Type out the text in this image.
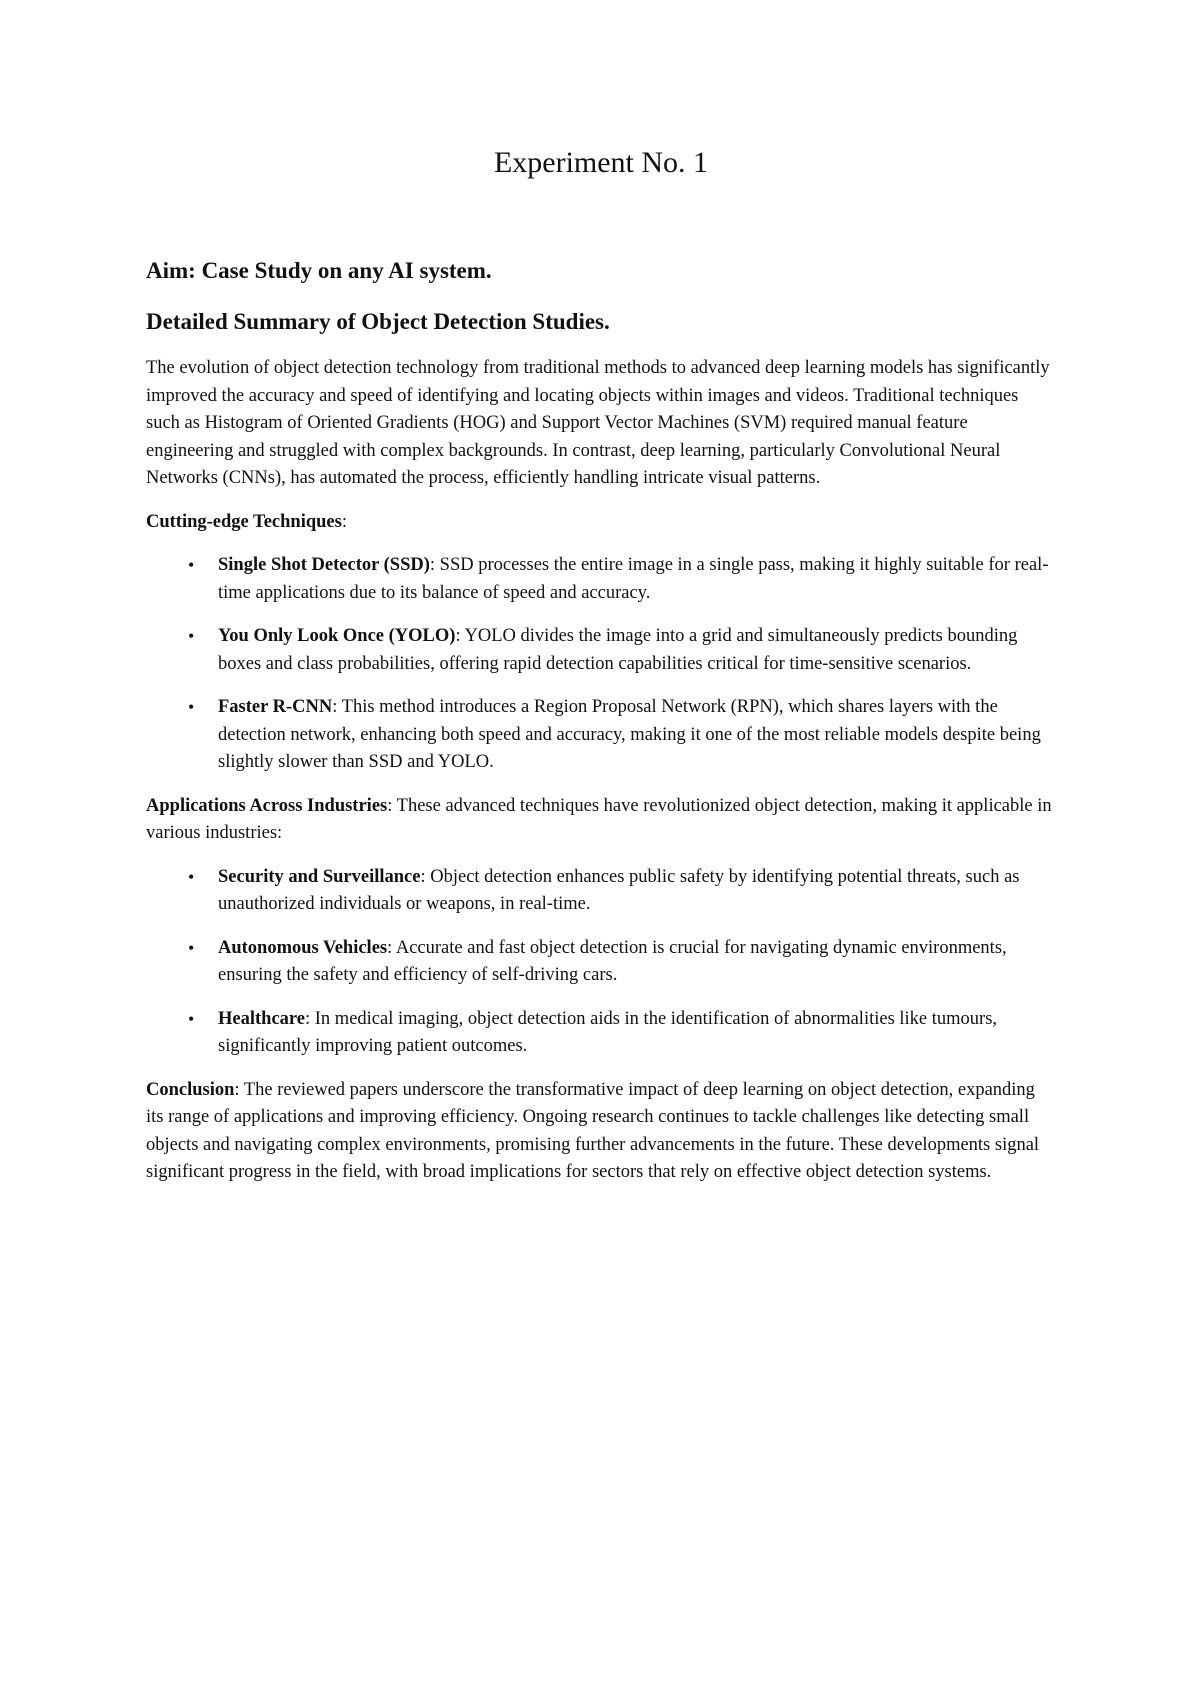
Experiment No. 1
Aim: Case Study on any AI system.
Detailed Summary of Object Detection Studies.

The evolution of object detection technology from traditional methods to advanced deep learning models has significantly improved the accuracy and speed of identifying and locating objects within images and videos. Traditional techniques such as Histogram of Oriented Gradients (HOG) and Support Vector Machines (SVM) required manual feature engineering and struggled with complex backgrounds. In contrast, deep learning, particularly Convolutional Neural Networks (CNNs), has automated the process, efficiently handling intricate visual patterns.

Cutting-edge Techniques:

• Single Shot Detector (SSD): SSD processes the entire image in a single pass, making it highly suitable for real-time applications due to its balance of speed and accuracy.
• You Only Look Once (YOLO): YOLO divides the image into a grid and simultaneously predicts bounding boxes and class probabilities, offering rapid detection capabilities critical for time-sensitive scenarios.
• Faster R-CNN: This method introduces a Region Proposal Network (RPN), which shares layers with the detection network, enhancing both speed and accuracy, making it one of the most reliable models despite being slightly slower than SSD and YOLO.

Applications Across Industries: These advanced techniques have revolutionized object detection, making it applicable in various industries:

• Security and Surveillance: Object detection enhances public safety by identifying potential threats, such as unauthorized individuals or weapons, in real-time.
• Autonomous Vehicles: Accurate and fast object detection is crucial for navigating dynamic environments, ensuring the safety and efficiency of self-driving cars.
• Healthcare: In medical imaging, object detection aids in the identification of abnormalities like tumours, significantly improving patient outcomes.

Conclusion: The reviewed papers underscore the transformative impact of deep learning on object detection, expanding its range of applications and improving efficiency. Ongoing research continues to tackle challenges like detecting small objects and navigating complex environments, promising further advancements in the future. These developments signal significant progress in the field, with broad implications for sectors that rely on effective object detection systems.
